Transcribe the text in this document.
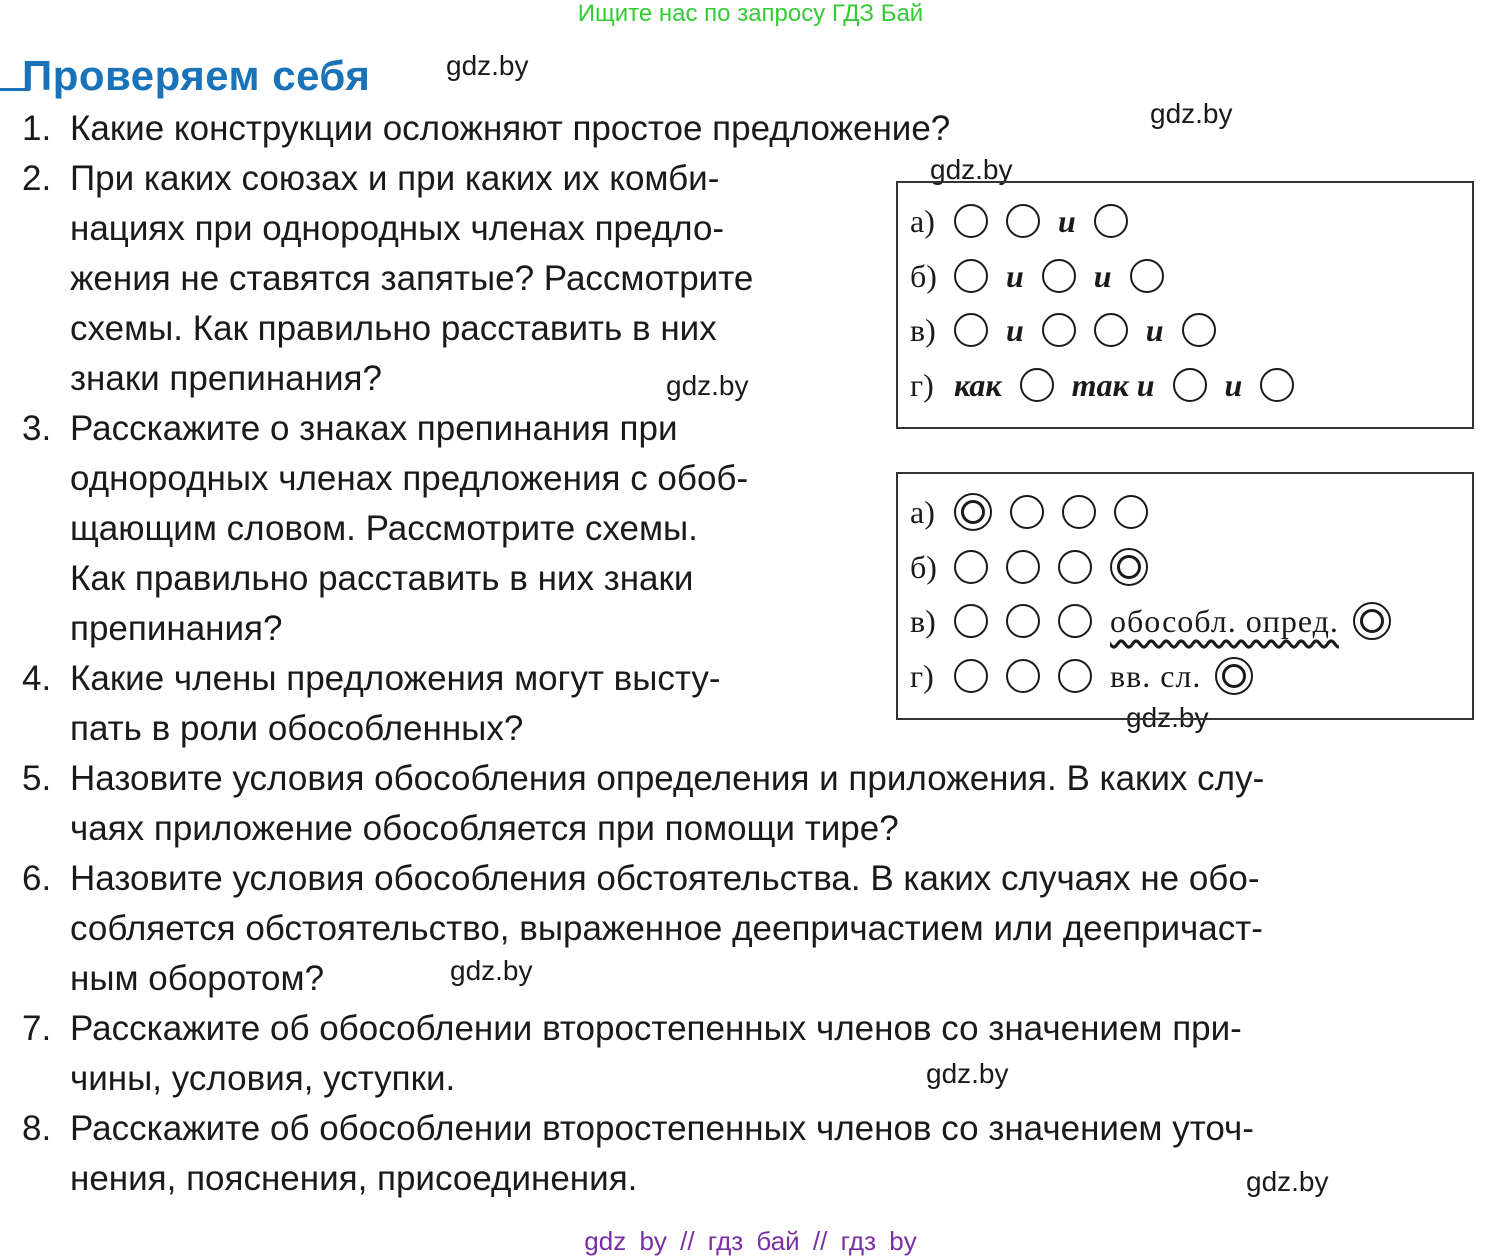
Ищите нас по запросу ГДЗ Бай
Проверяем себя	gdz.by
gdz.by
gdz.by
gdz.by
gdz.by
gdz.by
gdz.by
gdz.by
1. Какие конструкции осложняют простое предложение?
2. При каких союзах и при каких их комби-
нациях при однородных членах предло-
жения не ставятся запятые? Рассмотрите
схемы. Как правильно расставить в них
знаки препинания?
3. Расскажите о знаках препинания при
однородных членах предложения с обоб-
щающим словом. Рассмотрите схемы.
Как правильно расставить в них знаки
препинания?
4. Какие члены предложения могут высту-
пать в роли обособленных?
5. Назовите условия обособления определения и приложения. В каких слу-
чаях приложение обособляется при помощи тире?
6. Назовите условия обособления обстоятельства. В каких случаях не обо-
собляется обстоятельство, выраженное деепричастием или деепричаст-
ным оборотом?
7. Расскажите об обособлении второстепенных членов со значением при-
чины, условия, уступки.
8. Расскажите об обособлении второстепенных членов со значением уточ-
нения, пояснения, присоединения.
а)	и
б)	и и
в)	и	и
г) как так и и
а)
б)
в)	обособл. опред.
г)	вв. сл.
gdz by // гдз бай // гдз by
